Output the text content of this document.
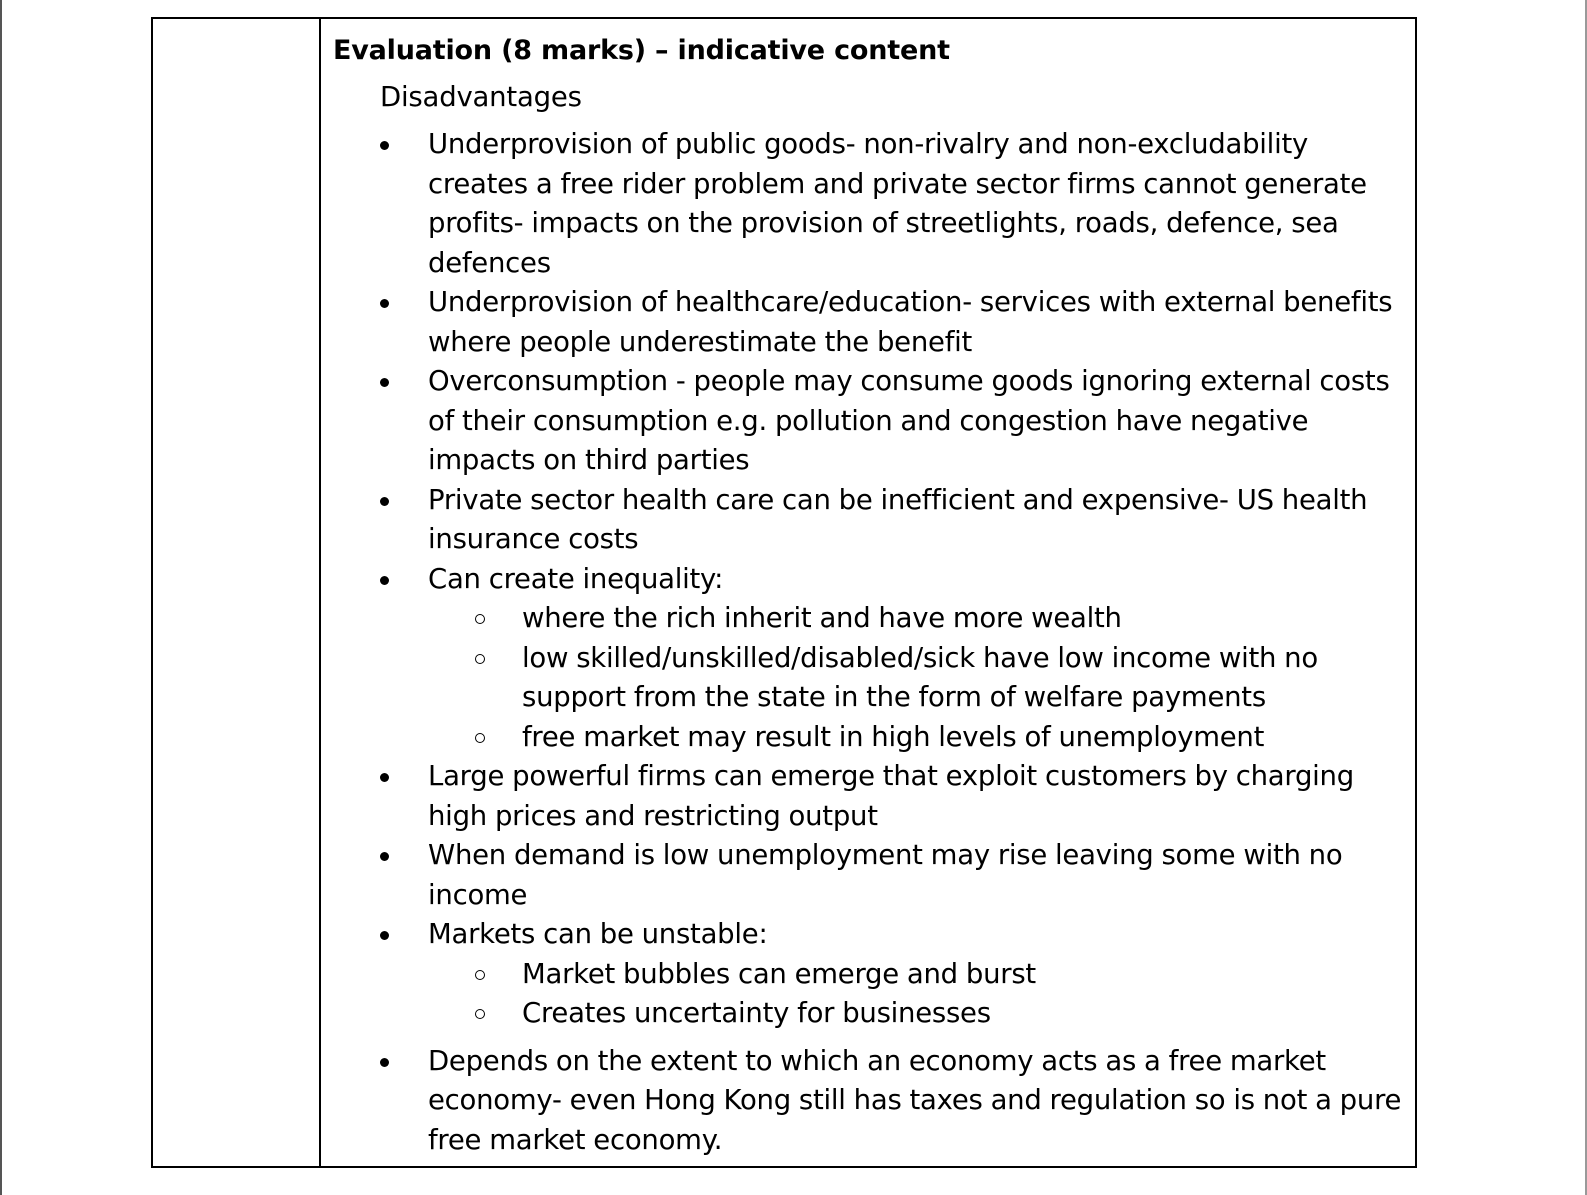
Evaluation (8 marks) – indicative content
Disadvantages
Underprovision of public goods- non-rivalry and non-excludability creates a free rider problem and private sector firms cannot generate profits- impacts on the provision of streetlights, roads, defence, sea defences
Underprovision of healthcare/education- services with external benefits where people underestimate the benefit
Overconsumption - people may consume goods ignoring external costs of their consumption e.g. pollution and congestion have negative impacts on third parties
Private sector health care can be inefficient and expensive- US health insurance costs
Can create inequality:
where the rich inherit and have more wealth
low skilled/unskilled/disabled/sick have low income with no support from the state in the form of welfare payments
free market may result in high levels of unemployment
Large powerful firms can emerge that exploit customers by charging high prices and restricting output
When demand is low unemployment may rise leaving some with no income
Markets can be unstable:
Market bubbles can emerge and burst
Creates uncertainty for businesses
Depends on the extent to which an economy acts as a free market economy- even Hong Kong still has taxes and regulation so is not a pure free market economy.
